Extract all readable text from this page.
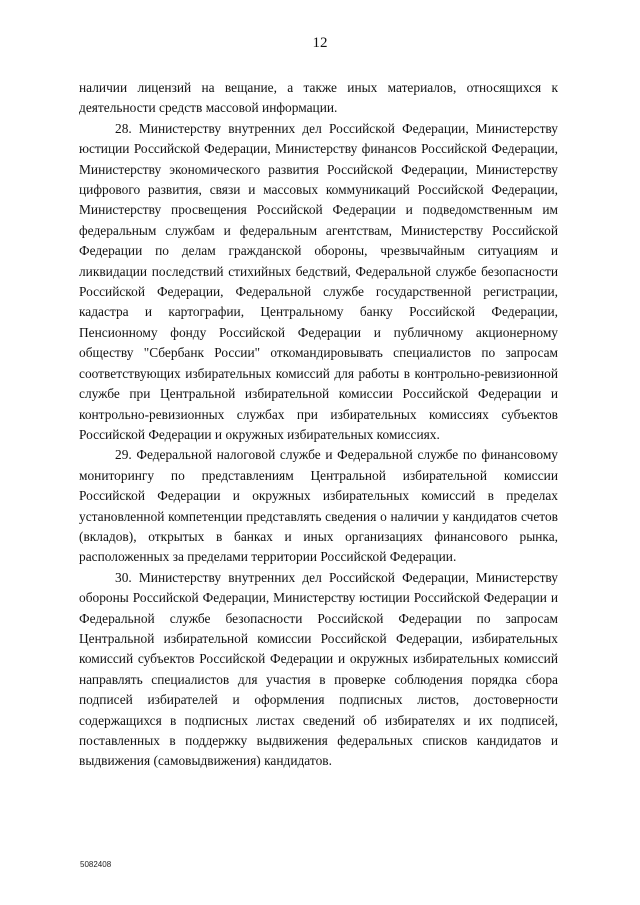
12

наличии лицензий на вещание, а также иных материалов, относящихся к деятельности средств массовой информации.

28. Министерству внутренних дел Российской Федерации, Министерству юстиции Российской Федерации, Министерству финансов Российской Федерации, Министерству экономического развития Российской Федерации, Министерству цифрового развития, связи и массовых коммуникаций Российской Федерации, Министерству просвещения Российской Федерации и подведомственным им федеральным службам и федеральным агентствам, Министерству Российской Федерации по делам гражданской обороны, чрезвычайным ситуациям и ликвидации последствий стихийных бедствий, Федеральной службе безопасности Российской Федерации, Федеральной службе государственной регистрации, кадастра и картографии, Центральному банку Российской Федерации, Пенсионному фонду Российской Федерации и публичному акционерному обществу "Сбербанк России" откомандировывать специалистов по запросам соответствующих избирательных комиссий для работы в контрольно-ревизионной службе при Центральной избирательной комиссии Российской Федерации и контрольно-ревизионных службах при избирательных комиссиях субъектов Российской Федерации и окружных избирательных комиссиях.

29. Федеральной налоговой службе и Федеральной службе по финансовому мониторингу по представлениям Центральной избирательной комиссии Российской Федерации и окружных избирательных комиссий в пределах установленной компетенции представлять сведения о наличии у кандидатов счетов (вкладов), открытых в банках и иных организациях финансового рынка, расположенных за пределами территории Российской Федерации.

30. Министерству внутренних дел Российской Федерации, Министерству обороны Российской Федерации, Министерству юстиции Российской Федерации и Федеральной службе безопасности Российской Федерации по запросам Центральной избирательной комиссии Российской Федерации, избирательных комиссий субъектов Российской Федерации и окружных избирательных комиссий направлять специалистов для участия в проверке соблюдения порядка сбора подписей избирателей и оформления подписных листов, достоверности содержащихся в подписных листах сведений об избирателях и их подписей, поставленных в поддержку выдвижения федеральных списков кандидатов и выдвижения (самовыдвижения) кандидатов.

5082408
